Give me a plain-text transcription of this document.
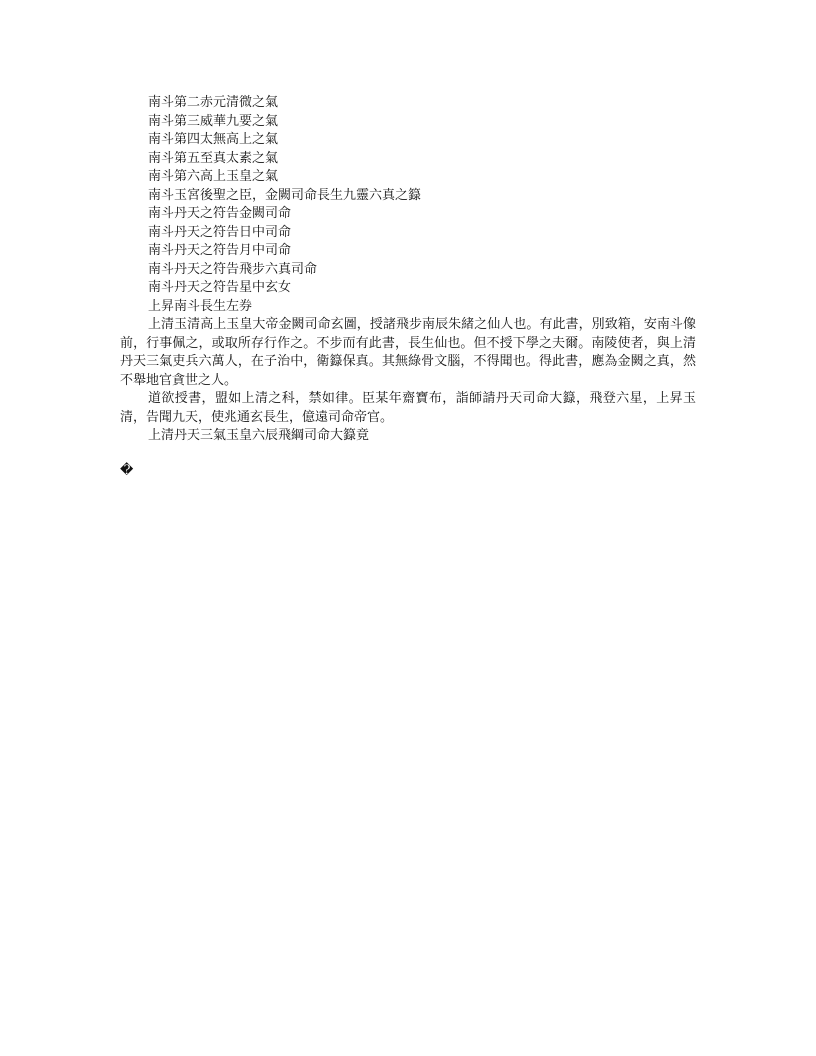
南斗第二赤元清微之氣

南斗第三威華九要之氣

南斗第四太無高上之氣

南斗第五至真太素之氣

南斗第六高上玉皇之氣

南斗玉宮後聖之臣，金闕司命長生九靈六真之籙

南斗丹天之符告金闕司命

南斗丹天之符告日中司命

南斗丹天之符告月中司命

南斗丹天之符告飛步六真司命

南斗丹天之符告星中玄女

上昇南斗長生左券

上清玉清高上玉皇大帝金闕司命玄圖，授諸飛步南辰朱緒之仙人也。有此書，別致箱，安南斗像前，行事佩之，或取所存行作之。不步而有此書，長生仙也。但不授下學之夫爾。南陵使者，與上清丹天三氣吏兵六萬人，在子治中，衛籙保真。其無綠骨文腦，不得聞也。得此書，應為金闕之真，然不舉地官貪世之人。

道欲授書，盟如上清之科，禁如律。臣某年齋寶布，詣師請丹天司命大籙，飛登六星，上昇玉清，告聞九天，使兆通玄長生，億遠司命帝官。

上清丹天三氣玉皇六辰飛綱司命大籙竟

�
